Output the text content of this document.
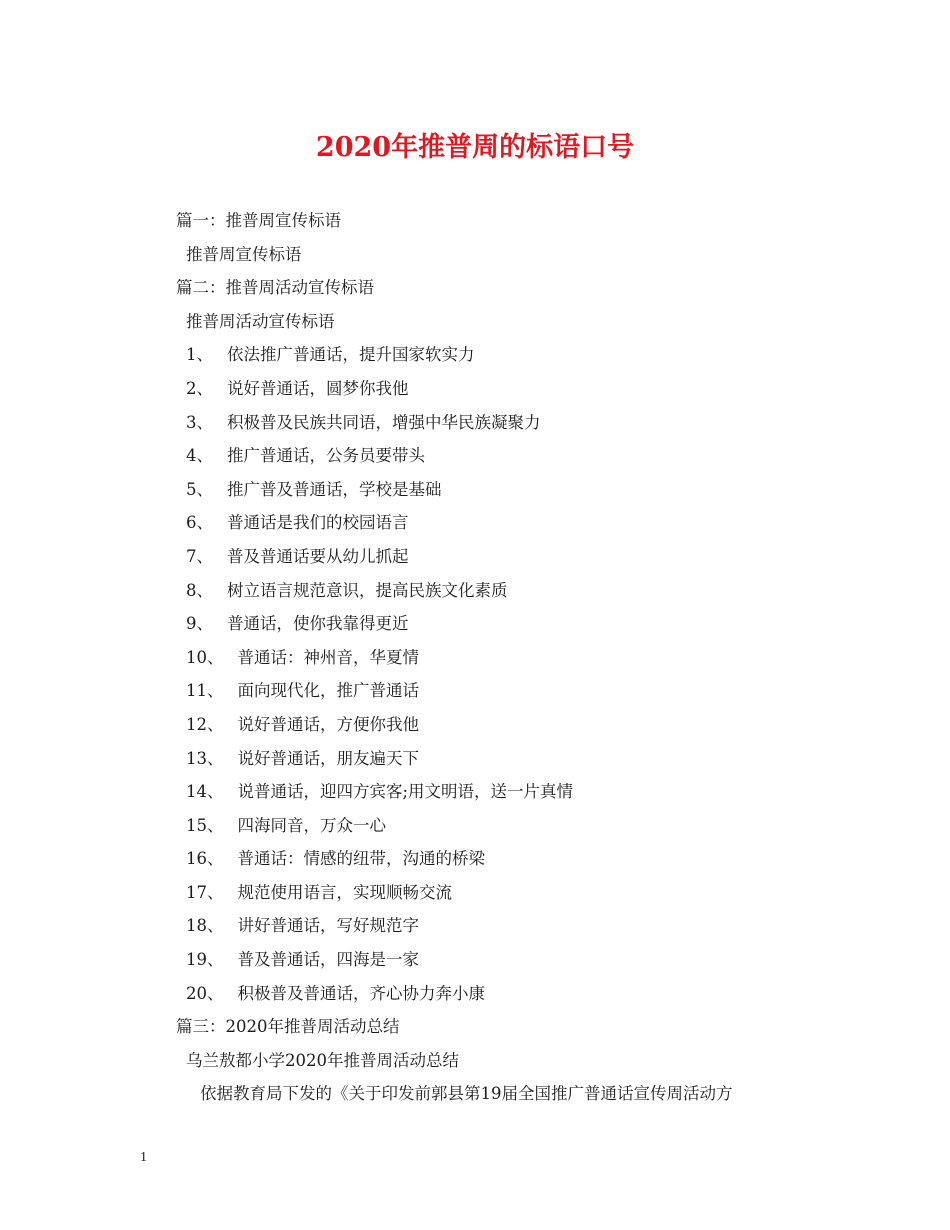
2020年推普周的标语口号
篇一：推普周宣传标语
推普周宣传标语
篇二：推普周活动宣传标语
推普周活动宣传标语
1、 依法推广普通话，提升国家软实力
2、 说好普通话，圆梦你我他
3、 积极普及民族共同语，增强中华民族凝聚力
4、 推广普通话，公务员要带头
5、 推广普及普通话，学校是基础
6、 普通话是我们的校园语言
7、 普及普通话要从幼儿抓起
8、 树立语言规范意识，提高民族文化素质
9、 普通话，使你我靠得更近
10、 普通话：神州音，华夏情
11、 面向现代化，推广普通话
12、 说好普通话，方便你我他
13、 说好普通话，朋友遍天下
14、 说普通话，迎四方宾客;用文明语，送一片真情
15、 四海同音，万众一心
16、 普通话：情感的纽带，沟通的桥梁
17、 规范使用语言，实现顺畅交流
18、 讲好普通话，写好规范字
19、 普及普通话，四海是一家
20、 积极普及普通话，齐心协力奔小康
篇三：2020年推普周活动总结
乌兰敖都小学2020年推普周活动总结
依据教育局下发的《关于印发前郭县第19届全国推广普通话宣传周活动方
1
